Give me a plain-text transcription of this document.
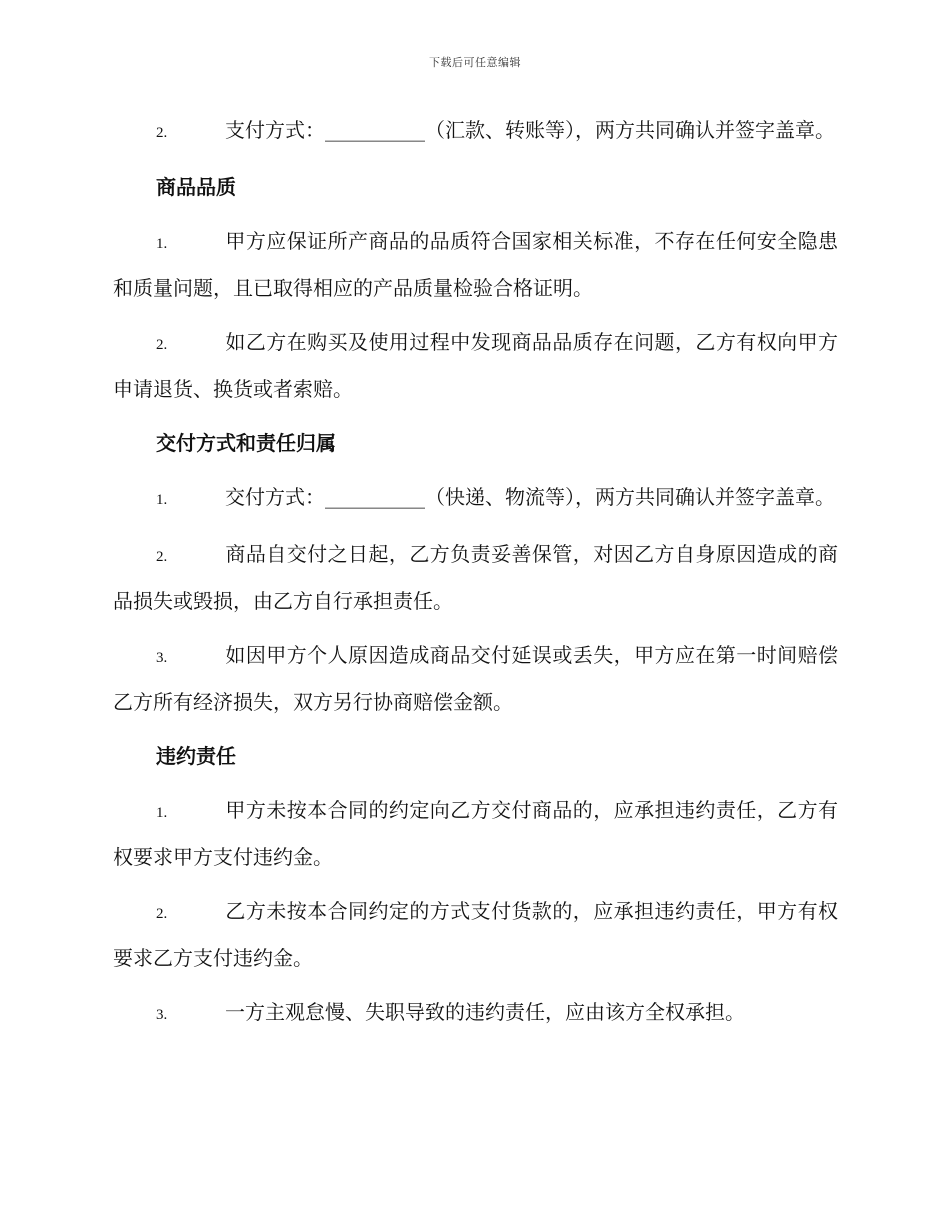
下载后可任意编辑

2.	支付方式：__________（汇款、转账等），两方共同确认并签字盖章。

商品品质

1.	甲方应保证所产商品的品质符合国家相关标准，不存在任何安全隐患和质量问题，且已取得相应的产品质量检验合格证明。

2.	如乙方在购买及使用过程中发现商品品质存在问题，乙方有权向甲方申请退货、换货或者索赔。

交付方式和责任归属

1.	交付方式：__________（快递、物流等），两方共同确认并签字盖章。

2.	商品自交付之日起，乙方负责妥善保管，对因乙方自身原因造成的商品损失或毁损，由乙方自行承担责任。

3.	如因甲方个人原因造成商品交付延误或丢失，甲方应在第一时间赔偿乙方所有经济损失，双方另行协商赔偿金额。

违约责任

1.	甲方未按本合同的约定向乙方交付商品的，应承担违约责任，乙方有权要求甲方支付违约金。

2.	乙方未按本合同约定的方式支付货款的，应承担违约责任，甲方有权要求乙方支付违约金。

3.	一方主观怠慢、失职导致的违约责任，应由该方全权承担。
